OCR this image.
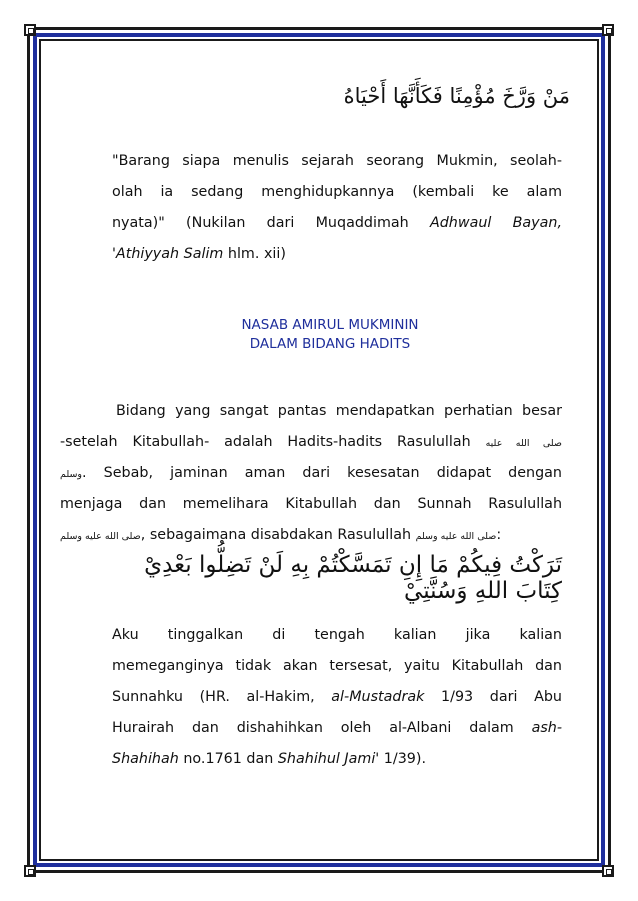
مَنْ وَرَّخَ مُؤْمِنًا فَكَأَنَّهَا أَحْيَاهُ
"Barang siapa menulis sejarah seorang Mukmin, seolah-
olah ia sedang menghidupkannya (kembali ke alam
nyata)" (Nukilan dari Muqaddimah Adhwaul Bayan,
'Athiyyah Salim hlm. xii)
NASAB AMIRUL MUKMININ
DALAM BIDANG HADITS
Bidang yang sangat pantas mendapatkan perhatian besar
-setelah Kitabullah- adalah Hadits-hadits Rasulullah صلى الله عليه
وسلم. Sebab, jaminan aman dari kesesatan didapat dengan
menjaga dan memelihara Kitabullah dan Sunnah Rasulullah
صلى الله عليه وسلم, sebagaimana disabdakan Rasulullah صلى الله عليه وسلم:
تَرَكْتُ فِيكُمْ مَا إِنِ تَمَسَّكْتُمْ بِهِ لَنْ تَضِلُّوا بَعْدِيْ كِتَابَ اللهِ وَسُنَّتِيْ
Aku tinggalkan di tengah kalian jika kalian
memeganginya tidak akan tersesat, yaitu Kitabullah dan
Sunnahku (HR. al-Hakim, al-Mustadrak 1/93 dari Abu
Hurairah dan dishahihkan oleh al-Albani dalam ash-
Shahihah no.1761 dan Shahihul Jami' 1/39).
